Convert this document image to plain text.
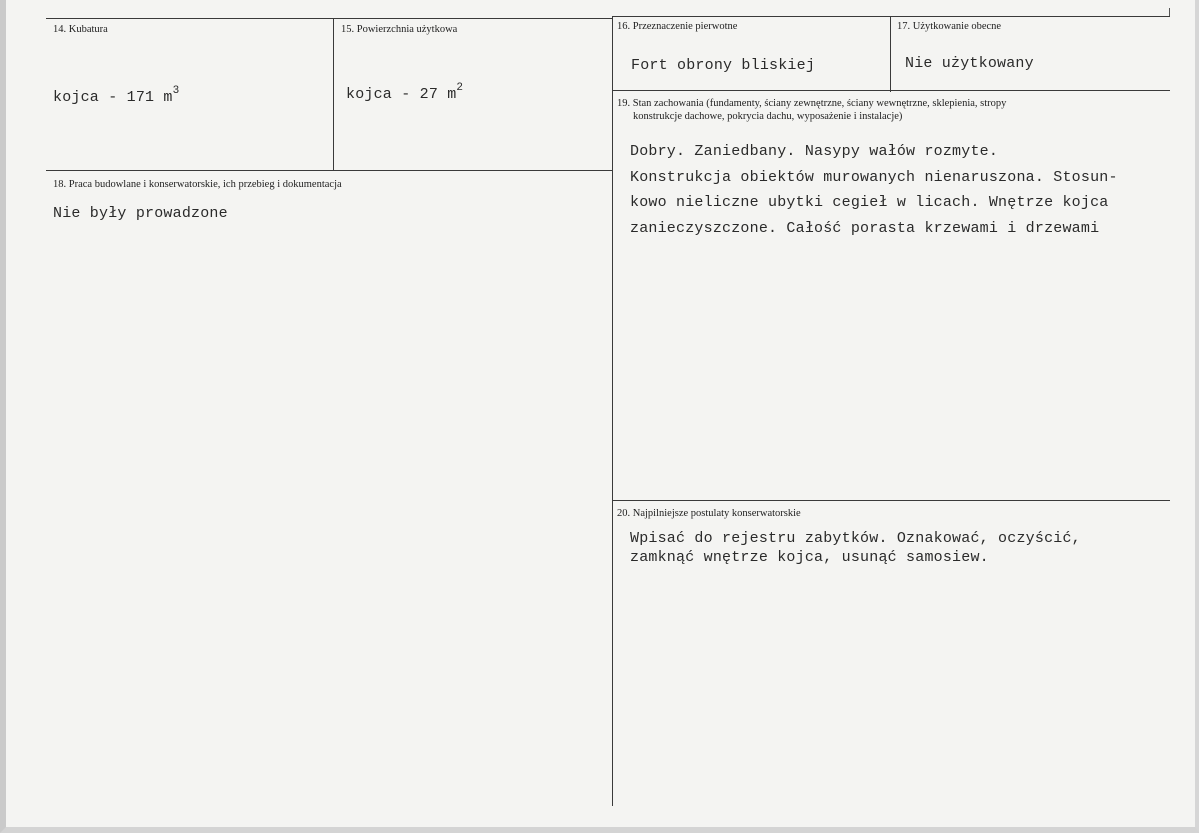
14. Kubatura
kojca - 171 $m^3$
15. Powierzchnia użytkowa
kojca - 27 $m^2$
16. Przeznaczenie pierwotne
Fort obrony bliskiej
17. Użytkowanie obecne
Nie użytkowany
18. Praca budowlane i konserwatorskie, ich przebieg i dokumentacja
Nie były prowadzone
19. Stan zachowania (fundamenty, ściany zewnętrzne, ściany wewnętrzne, sklepienia, stropy
konstrukcje dachowe, pokrycia dachu, wyposażenie i instalacje)
Dobry. Zaniedbany. Nasypy wałów rozmyte.
Konstrukcja obiektów murowanych nienaruszona. Stosun-
kowo nieliczne ubytki cegieł w licach. Wnętrze kojca
zanieczyszczone. Całość porasta krzewami i drzewami
20. Najpilniejsze postulaty konserwatorskie
Wpisać do rejestru zabytków. Oznakować, oczyścić,
zamknąć wnętrze kojca, usunąć samosiew.
